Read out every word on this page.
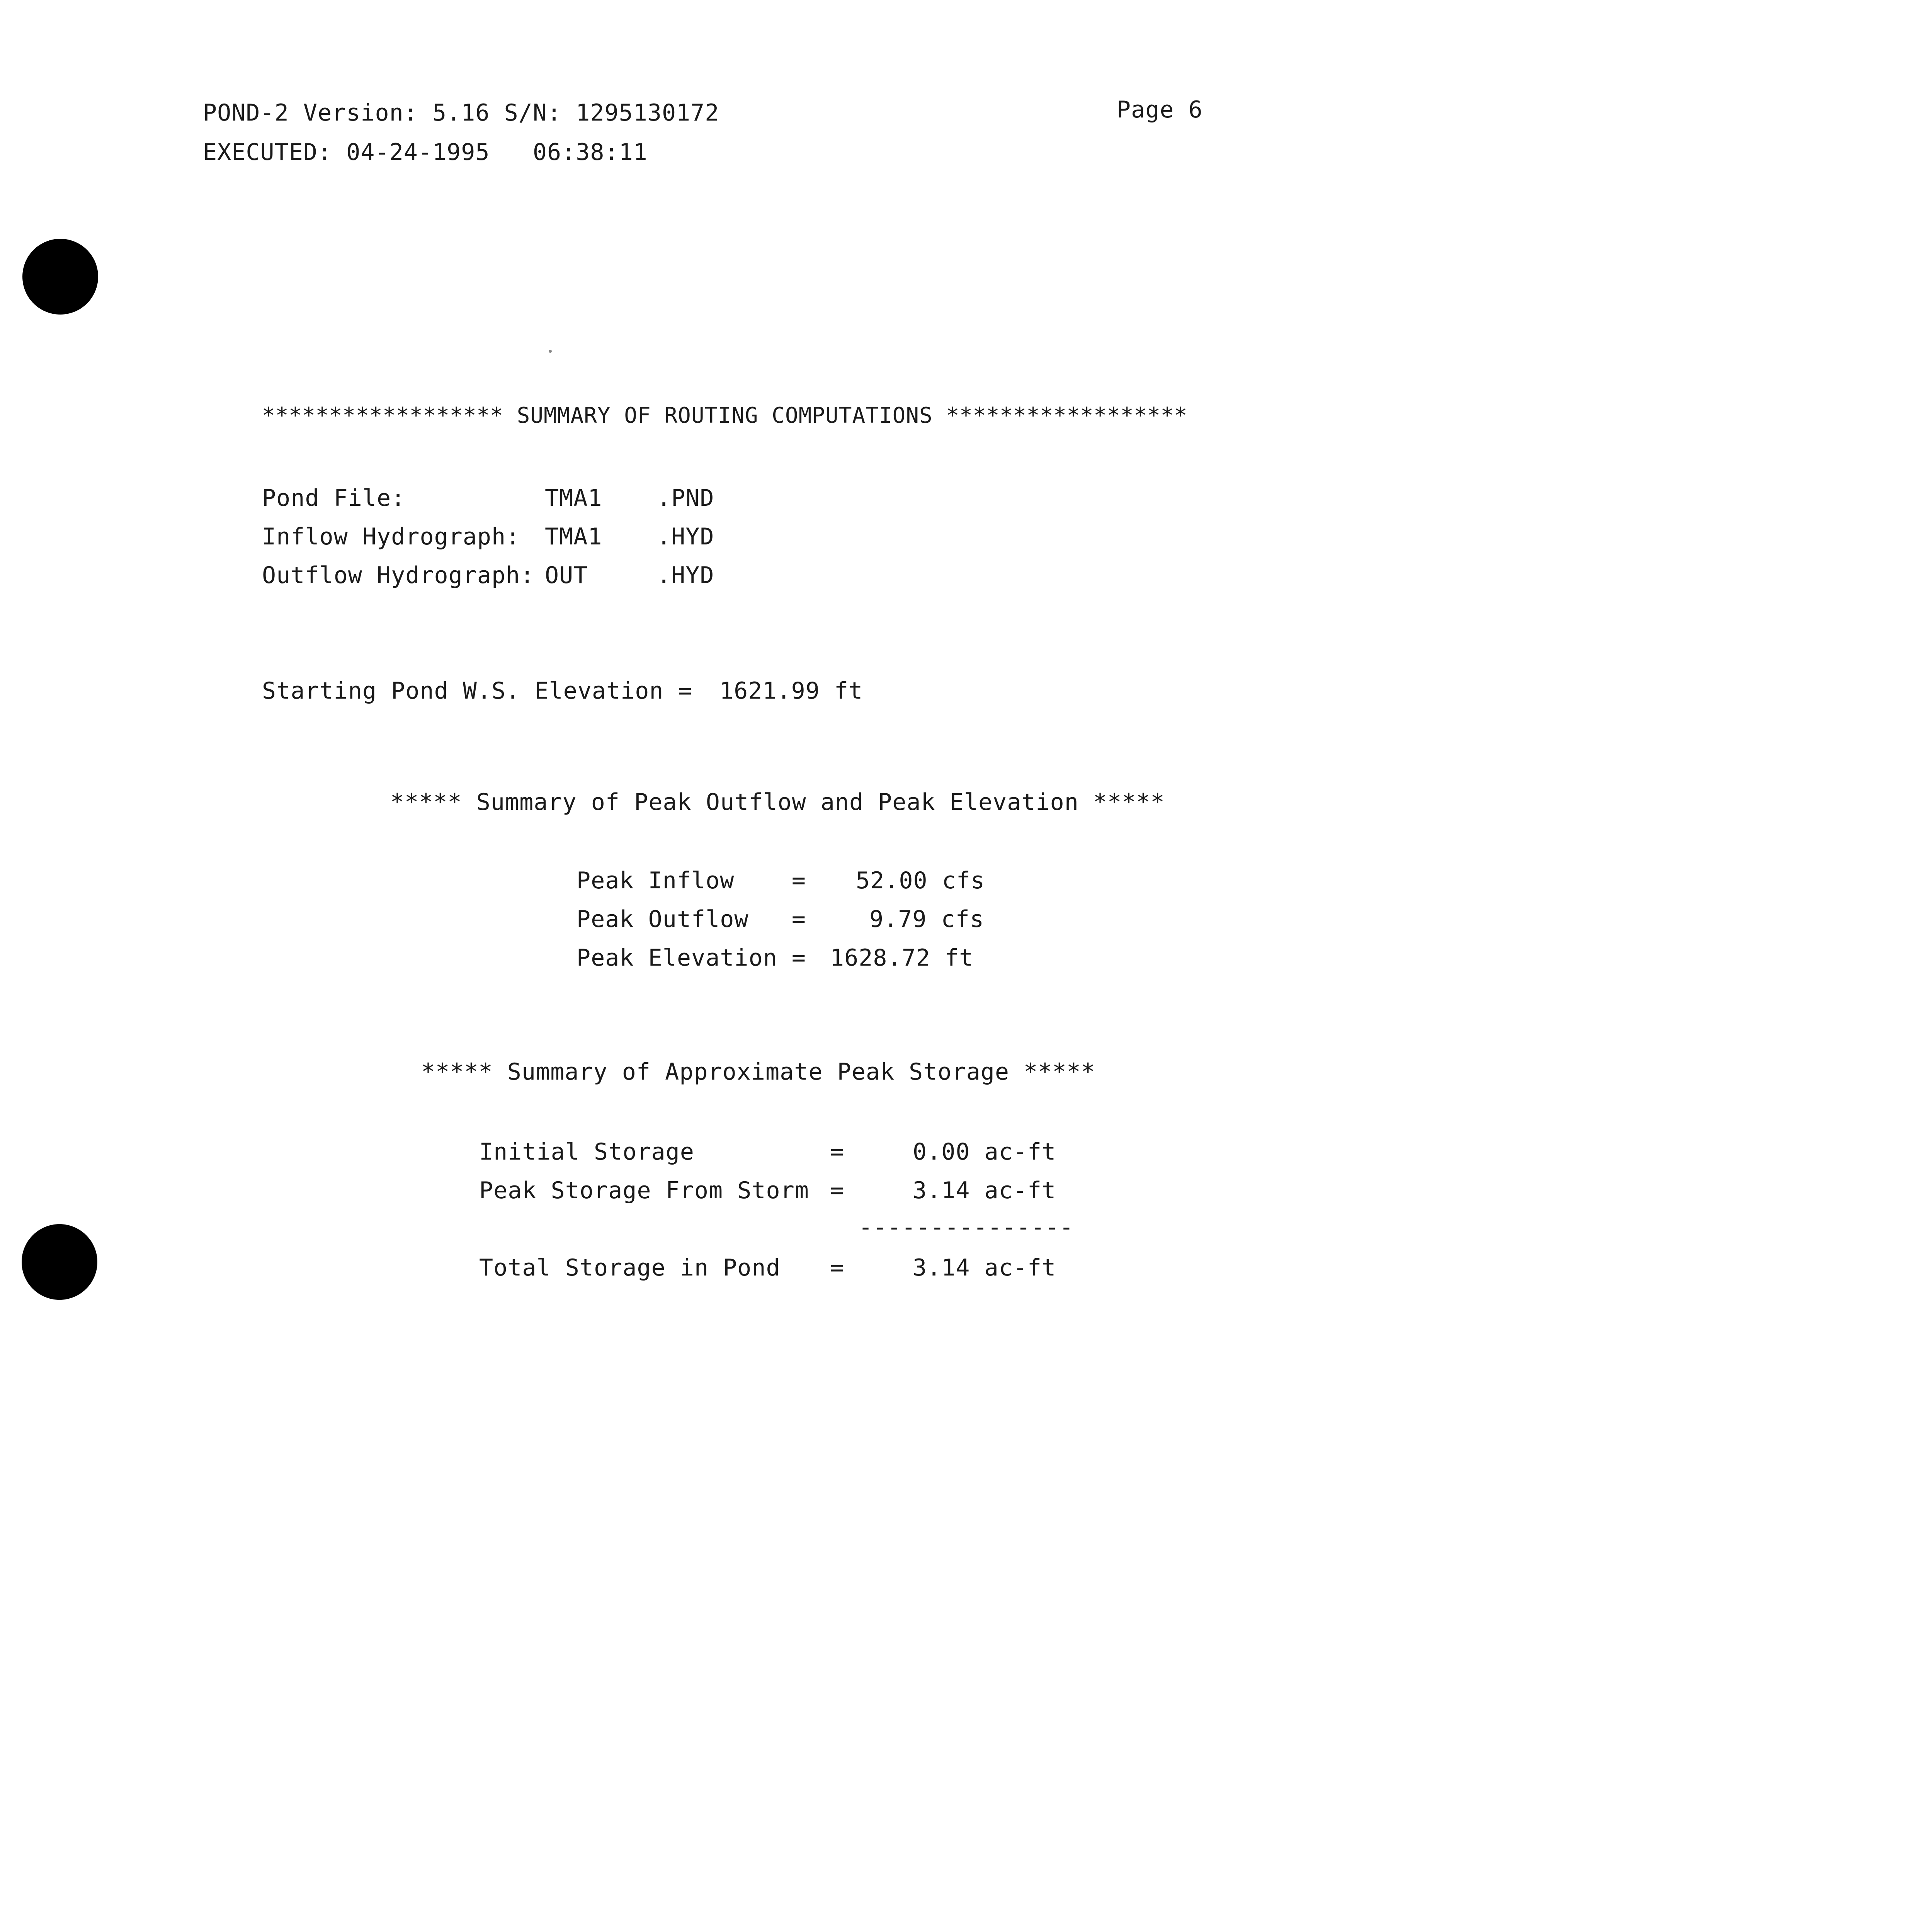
POND-2 Version: 5.16 S/N: 1295130172	Page 6
EXECUTED: 04-24-1995   06:38:11
****************** SUMMARY OF ROUTING COMPUTATIONS ******************
Pond File:	TMA1 .PND
Inflow Hydrograph: TMA1 .HYD
Outflow Hydrograph: OUT	.HYD
Starting Pond W.S. Elevation = 1621.99 ft
***** Summary of Peak Outflow and Peak Elevation *****
Peak Inflow    = 52.00 cfs
Peak Outflow   =	9.79 cfs
Peak Elevation = 1628.72 ft
***** Summary of Approximate Peak Storage *****
Initial Storage	=	0.00 ac-ft
Peak Storage From Storm =	3.14 ac-ft
---------------
Total Storage in Pond =	3.14 ac-ft
